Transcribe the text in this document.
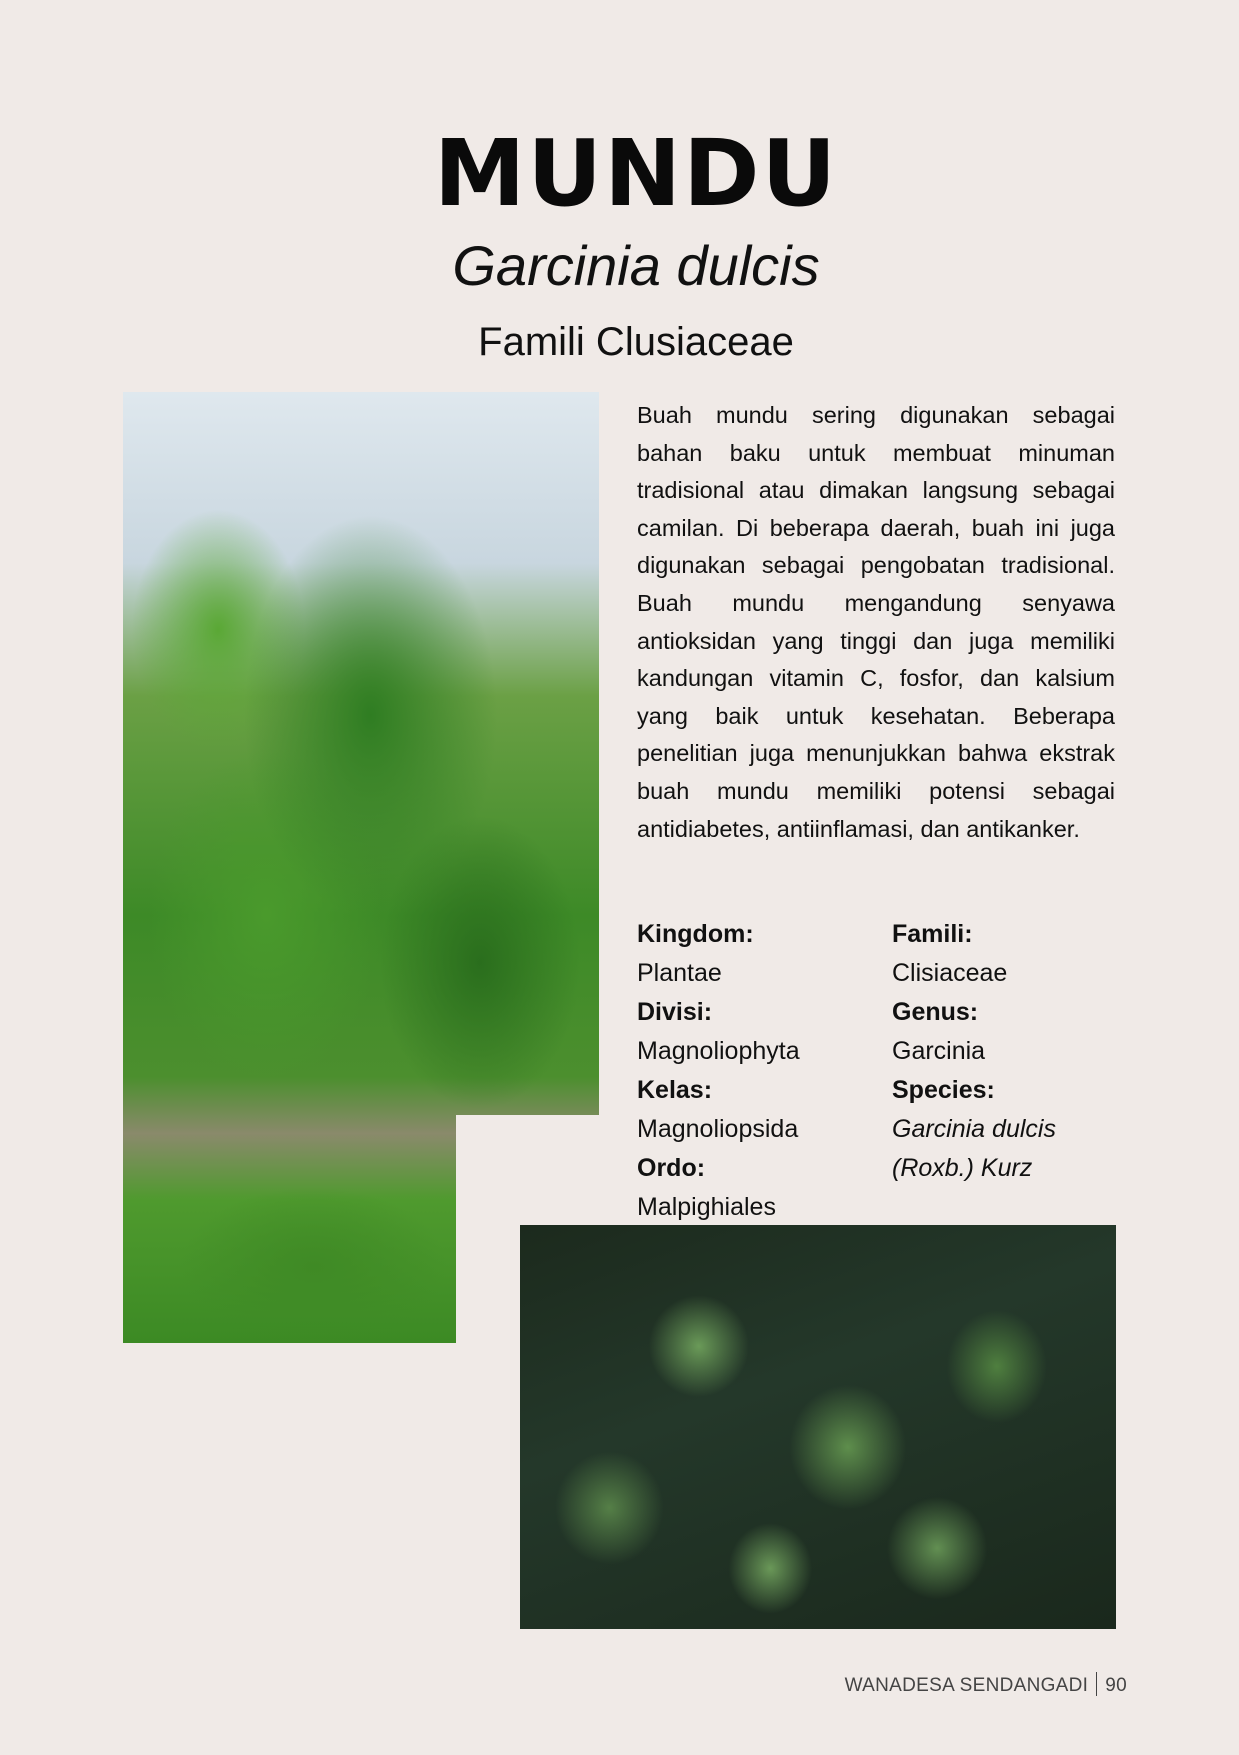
MUNDU
Garcinia dulcis
Famili Clusiaceae

Buah mundu sering digunakan sebagai bahan baku untuk membuat minuman tradisional atau dimakan langsung sebagai camilan. Di beberapa daerah, buah ini juga digunakan sebagai pengobatan tradisional. Buah mundu mengandung senyawa antioksidan yang tinggi dan juga memiliki kandungan vitamin C, fosfor, dan kalsium yang baik untuk kesehatan. Beberapa penelitian juga menunjukkan bahwa ekstrak buah mundu memiliki potensi sebagai antidiabetes, antiinflamasi, dan antikanker.

Kingdom:
Plantae
Divisi:
Magnoliophyta
Kelas:
Magnoliopsida
Ordo:
Malpighiales
Famili:
Clisiaceae
Genus:
Garcinia
Species:
Garcinia dulcis
(Roxb.) Kurz
WANADESA SENDANGADI 90
